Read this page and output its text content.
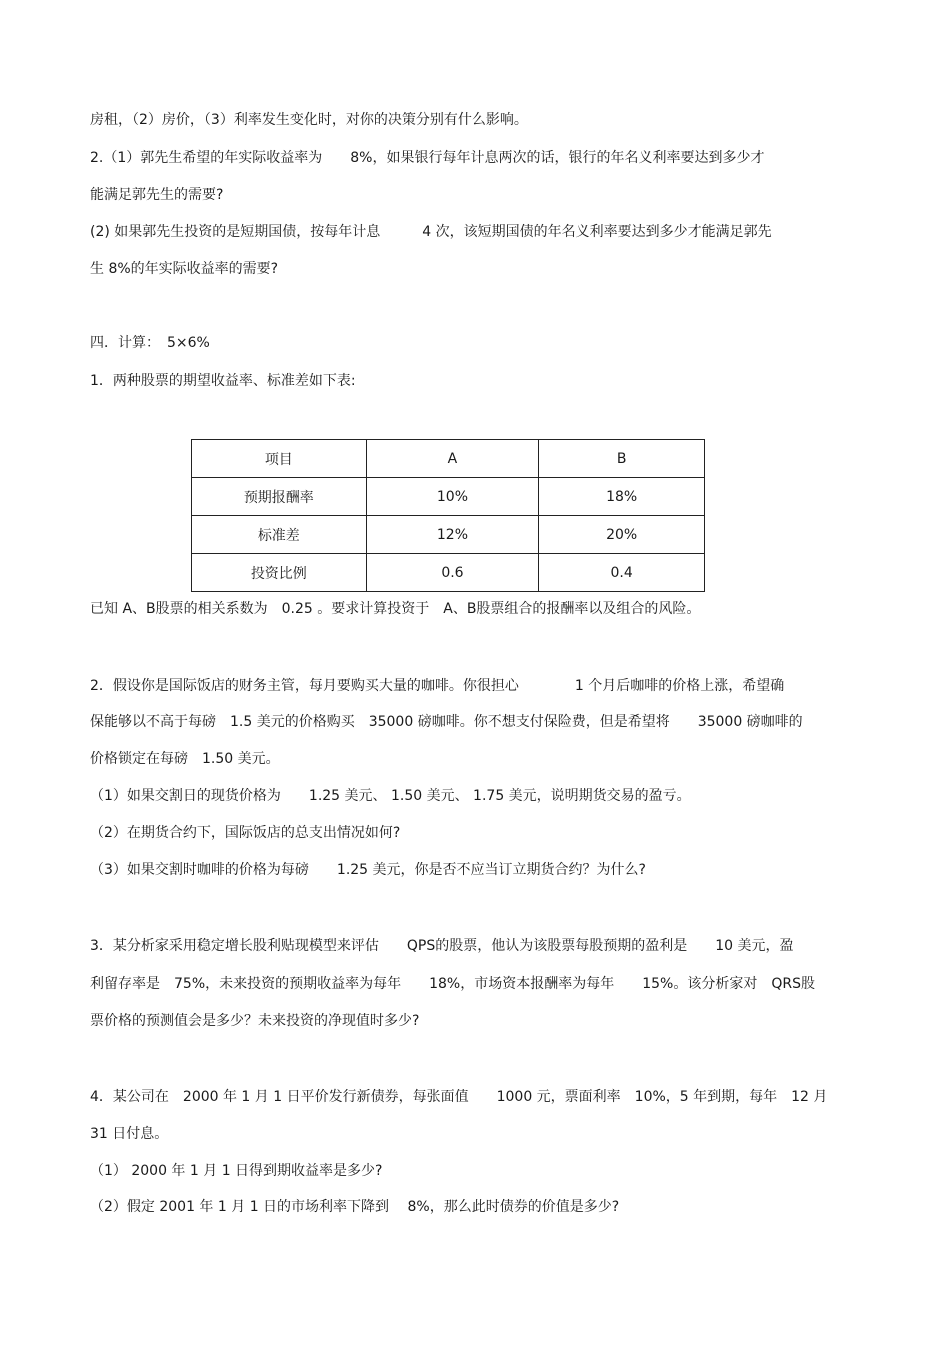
房租，（2）房价，（3）利率发生变化时，对你的决策分别有什么影响。
2.（1）郭先生希望的年实际收益率为　　8%，如果银行每年计息两次的话，银行的年名义利率要达到多少才
能满足郭先生的需要?
(2) 如果郭先生投资的是短期国债，按每年计息　　　4 次，该短期国债的年名义利率要达到多少才能满足郭先
生 8%的年实际收益率的需要?
四．计算：　5×6%
1．两种股票的期望收益率、标准差如下表:
项目	A	B
预期报酬率	10%	18%
标准差	12%	20%
投资比例	0.6	0.4
已知 A、B股票的相关系数为　0.25 。要求计算投资于　A、B股票组合的报酬率以及组合的风险。
2．假设你是国际饭店的财务主管，每月要购买大量的咖啡。你很担心　　　　1 个月后咖啡的价格上涨，希望确
保能够以不高于每磅　1.5 美元的价格购买　35000 磅咖啡。你不想支付保险费，但是希望将　　35000 磅咖啡的
价格锁定在每磅　1.50 美元。
（1）如果交割日的现货价格为　　1.25 美元、 1.50 美元、 1.75 美元，说明期货交易的盈亏。
（2）在期货合约下，国际饭店的总支出情况如何?
（3）如果交割时咖啡的价格为每磅　　1.25 美元，你是否不应当订立期货合约？为什么?
3．某分析家采用稳定增长股利贴现模型来评估　　QPS的股票，他认为该股票每股预期的盈利是　　10 美元，盈
利留存率是　75%，未来投资的预期收益率为每年　　18%，市场资本报酬率为每年　　15%。该分析家对　QRS股
票价格的预测值会是多少？未来投资的净现值时多少?
4．某公司在　2000 年 1 月 1 日平价发行新债券，每张面值　　1000 元，票面利率　10%，5 年到期，每年　12 月
31 日付息。
（1） 2000 年 1 月 1 日得到期收益率是多少?
（2）假定 2001 年 1 月 1 日的市场利率下降到　 8%，那么此时债券的价值是多少?
